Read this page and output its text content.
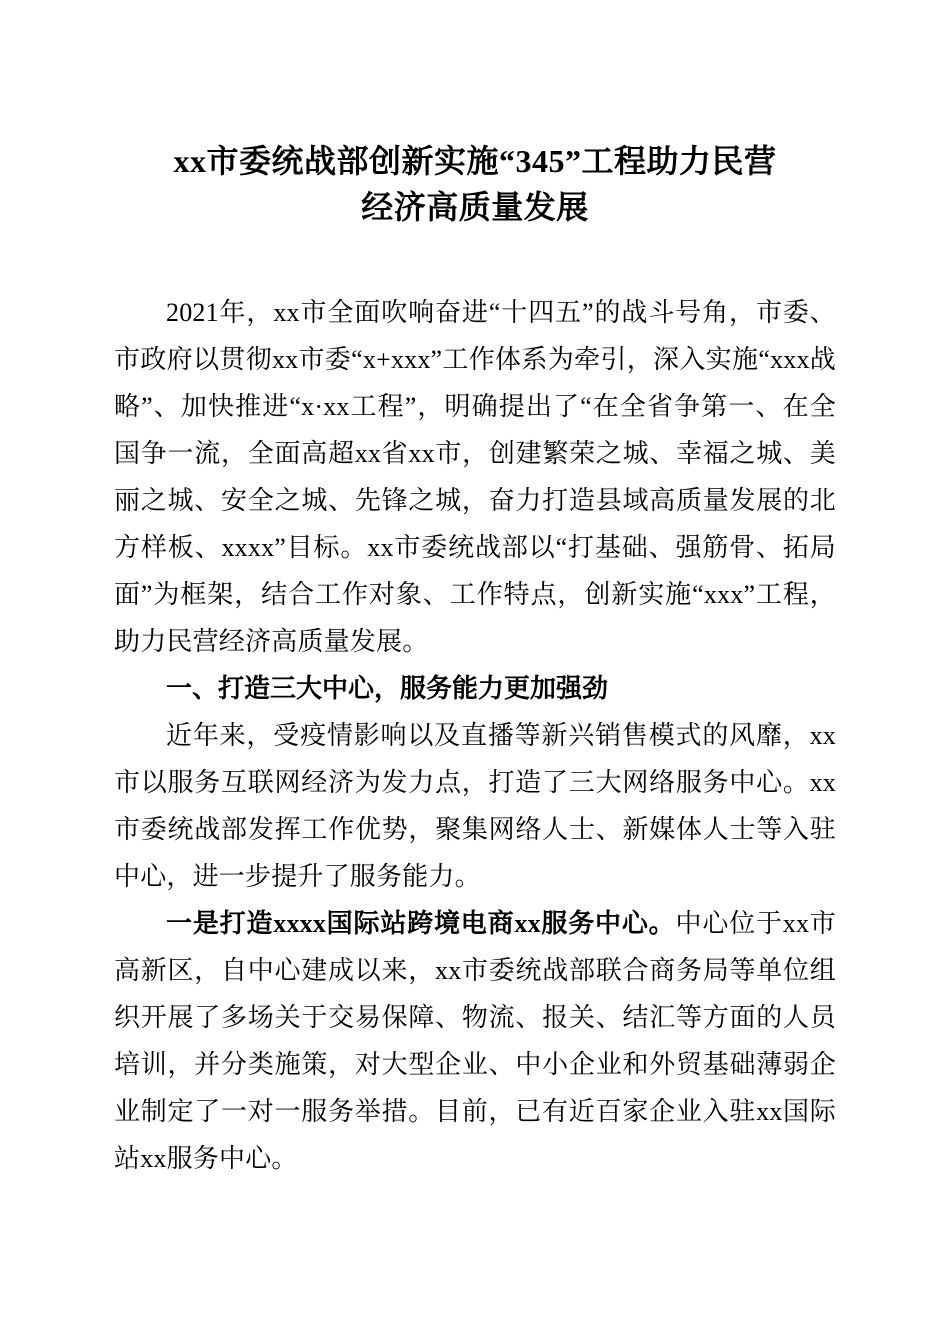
xx市委统战部创新实施“345”工程助力民营
经济高质量发展

2021年，xx市全面吹响奋进“十四五”的战斗号角，市委、市政府以贯彻xx市委“x+xxx”工作体系为牵引，深入实施“xxx战略”、加快推进“x·xx工程”，明确提出了“在全省争第一、在全国争一流，全面高超xx省xx市，创建繁荣之城、幸福之城、美丽之城、安全之城、先锋之城，奋力打造县域高质量发展的北方样板、xxxx”目标。xx市委统战部以“打基础、强筋骨、拓局面”为框架，结合工作对象、工作特点，创新实施“xxx”工程，助力民营经济高质量发展。

一、打造三大中心，服务能力更加强劲

近年来，受疫情影响以及直播等新兴销售模式的风靡，xx市以服务互联网经济为发力点，打造了三大网络服务中心。xx市委统战部发挥工作优势，聚集网络人士、新媒体人士等入驻中心，进一步提升了服务能力。

一是打造xxxx国际站跨境电商xx服务中心。中心位于xx市高新区，自中心建成以来，xx市委统战部联合商务局等单位组织开展了多场关于交易保障、物流、报关、结汇等方面的人员培训，并分类施策，对大型企业、中小企业和外贸基础薄弱企业制定了一对一服务举措。目前，已有近百家企业入驻xx国际站xx服务中心。
